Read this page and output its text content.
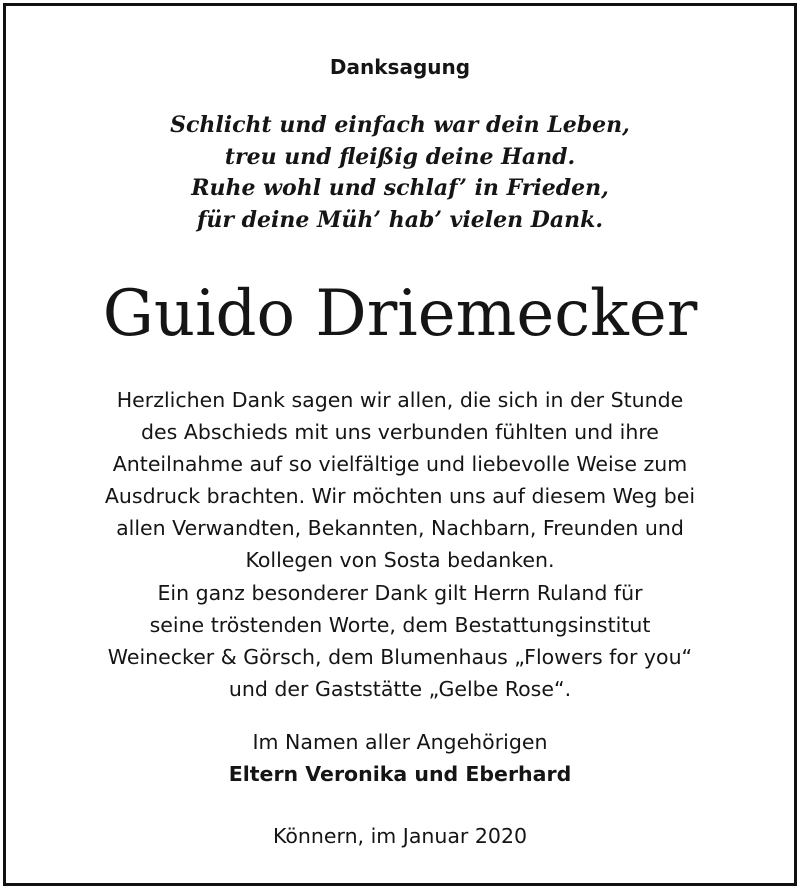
Danksagung
Schlicht und einfach war dein Leben,
treu und fleißig deine Hand.
Ruhe wohl und schlaf’ in Frieden,
für deine Müh’ hab’ vielen Dank.
Guido Driemecker
Herzlichen Dank sagen wir allen, die sich in der Stunde
des Abschieds mit uns verbunden fühlten und ihre
Anteilnahme auf so vielfältige und liebevolle Weise zum
Ausdruck brachten. Wir möchten uns auf diesem Weg bei
allen Verwandten, Bekannten, Nachbarn, Freunden und
Kollegen von Sosta bedanken.
Ein ganz besonderer Dank gilt Herrn Ruland für
seine tröstenden Worte, dem Bestattungsinstitut
Weinecker & Görsch, dem Blumenhaus „Flowers for you“
und der Gaststätte „Gelbe Rose“.
Im Namen aller Angehörigen
Eltern Veronika und Eberhard
Könnern, im Januar 2020
